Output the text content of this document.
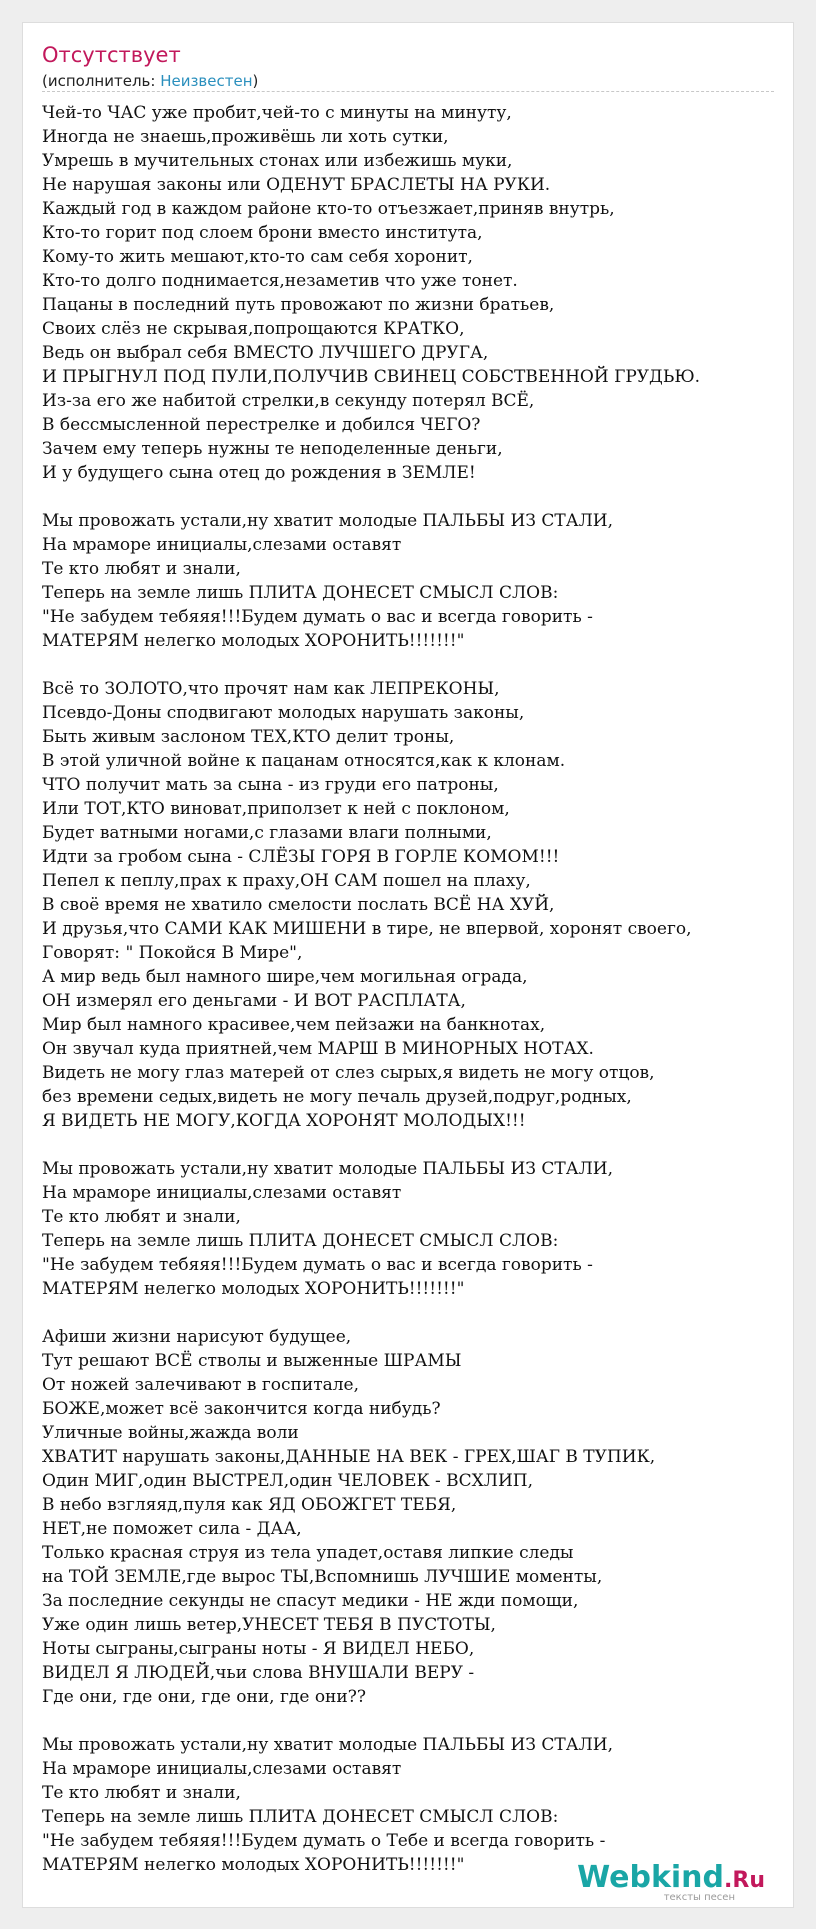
Отсутствует
(исполнитель: Неизвестен)
Чей-то ЧАС уже пробит,чей-то с минуты на минуту,
Иногда не знаешь,проживёшь ли хоть сутки,
Умрешь в мучительных стонах или избежишь муки,
Не нарушая законы или ОДЕНУТ БРАСЛЕТЫ НА РУКИ.
Каждый год в каждом районе кто-то отъезжает,приняв внутрь,
Кто-то горит под слоем брони вместо института,
Кому-то жить мешают,кто-то сам себя хоронит,
Кто-то долго поднимается,незаметив что уже тонет.
Пацаны в последний путь провожают по жизни братьев,
Своих слёз не скрывая,попрощаются КРАТКО,
Ведь он выбрал себя ВМЕСТО ЛУЧШЕГО ДРУГА,
И ПРЫГНУЛ ПОД ПУЛИ,ПОЛУЧИВ СВИНЕЦ СОБСТВЕННОЙ ГРУДЬЮ.
Из-за его же набитой стрелки,в секунду потерял ВСЁ,
В бессмысленной перестрелке и добился ЧЕГО?
Зачем ему теперь нужны те неподеленные деньги,
И у будущего сына отец до рождения в ЗЕМЛЕ!
Мы провожать устали,ну хватит молодые ПАЛЬБЫ ИЗ СТАЛИ,
На мраморе инициалы,слезами оставят
Те кто любят и знали,
Теперь на земле лишь ПЛИТА ДОНЕСЕТ СМЫСЛ СЛОВ:
"Не забудем тебяяя!!!Будем думать о вас и всегда говорить -
МАТЕРЯМ нелегко молодых ХОРОНИТЬ!!!!!!!"
Всё то ЗОЛОТО,что прочят нам как ЛЕПРЕКОНЫ,
Псевдо-Доны сподвигают молодых нарушать законы,
Быть живым заслоном ТЕХ,КТО делит троны,
В этой уличной войне к пацанам относятся,как к клонам.
ЧТО получит мать за сына - из груди его патроны,
Или ТОТ,КТО виноват,приползет к ней с поклоном,
Будет ватными ногами,с глазами влаги полными,
Идти за гробом сына - СЛЁЗЫ ГОРЯ В ГОРЛЕ КОМОМ!!!
Пепел к пеплу,прах к праху,ОН САМ пошел на плаху,
В своё время не хватило смелости послать ВСЁ НА ХУЙ,
И друзья,что САМИ КАК МИШЕНИ в тире, не впервой, хоронят своего,
Говорят: " Покойся В Мире",
А мир ведь был намного шире,чем могильная ограда,
ОН измерял его деньгами - И ВОТ РАСПЛАТА,
Мир был намного красивее,чем пейзажи на банкнотах,
Он звучал куда приятней,чем МАРШ В МИНОРНЫХ НОТАХ.
Видеть не могу глаз матерей от слез сырых,я видеть не могу отцов,
без времени седых,видеть не могу печаль друзей,подруг,родных,
Я ВИДЕТЬ НЕ МОГУ,КОГДА ХОРОНЯТ МОЛОДЫХ!!!
Мы провожать устали,ну хватит молодые ПАЛЬБЫ ИЗ СТАЛИ,
На мраморе инициалы,слезами оставят
Те кто любят и знали,
Теперь на земле лишь ПЛИТА ДОНЕСЕТ СМЫСЛ СЛОВ:
"Не забудем тебяяя!!!Будем думать о вас и всегда говорить -
МАТЕРЯМ нелегко молодых ХОРОНИТЬ!!!!!!!"
Афиши жизни нарисуют будущее,
Тут решают ВСЁ стволы и выженные ШРАМЫ
От ножей залечивают в госпитале,
БОЖЕ,может всё закончится когда нибудь?
Уличные войны,жажда воли
ХВАТИТ нарушать законы,ДАННЫЕ НА ВЕК - ГРЕХ,ШАГ В ТУПИК,
Один МИГ,один ВЫСТРЕЛ,один ЧЕЛОВЕК - ВСХЛИП,
В небо взгляяд,пуля как ЯД ОБОЖГЕТ ТЕБЯ,
НЕТ,не поможет сила - ДАА,
Только красная струя из тела упадет,оставя липкие следы
на ТОЙ ЗЕМЛЕ,где вырос ТЫ,Вспомнишь ЛУЧШИЕ моменты,
За последние секунды не спасут медики - НЕ жди помощи,
Уже один лишь ветер,УНЕСЕТ ТЕБЯ В ПУСТОТЫ,
Ноты сыграны,сыграны ноты - Я ВИДЕЛ НЕБО,
ВИДЕЛ Я ЛЮДЕЙ,чьи слова ВНУШАЛИ ВЕРУ -
Где они, где они, где они, где они??
Мы провожать устали,ну хватит молодые ПАЛЬБЫ ИЗ СТАЛИ,
На мраморе инициалы,слезами оставят
Те кто любят и знали,
Теперь на земле лишь ПЛИТА ДОНЕСЕТ СМЫСЛ СЛОВ:
"Не забудем тебяяя!!!Будем думать о Тебе и всегда говорить -
МАТЕРЯМ нелегко молодых ХОРОНИТЬ!!!!!!!"	Webkind.Ru
тексты песен
